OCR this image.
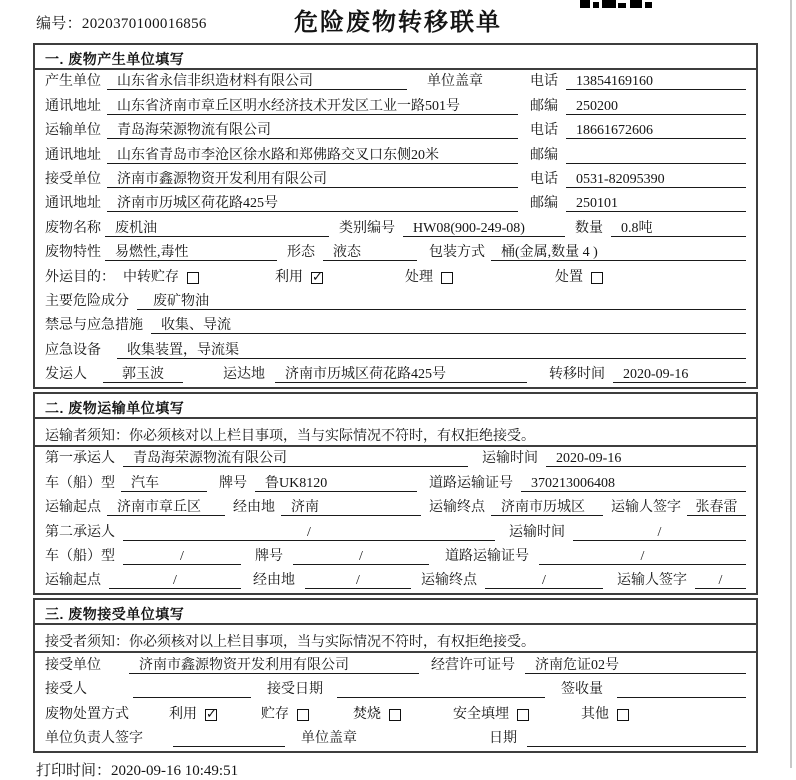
编号：2020370100016856	危险废物转移联单
一. 废物产生单位填写
产生单位	山东省永信非织造材料有限公司	单位盖章	电话	13854169160
通讯地址	山东省济南市章丘区明水经济技术开发区工业一路501号	邮编	250200
运输单位	青岛海荣源物流有限公司	电话	18661672606
通讯地址	山东省青岛市李沧区徐水路和郑佛路交叉口东侧20米	邮编
接受单位	济南市鑫源物资开发利用有限公司	电话	0531-82095390
通讯地址	济南市历城区荷花路425号	邮编	250101
废物名称	废机油	类别编号	HW08(900-249-08)	数量	0.8吨
废物特性	易燃性,毒性	形态	液态	包装方式	桶(金属,数量 4 )
外运目的： 中转贮存	利用 ✓	处理	处置
主要危险成分	废矿物油
禁忌与应急措施	收集、导流
应急设备	收集装置，导流渠
发运人	郭玉波	运达地	济南市历城区荷花路425号	转移时间	2020-09-16
二. 废物运输单位填写
运输者须知：你必须核对以上栏目事项，当与实际情况不符时，有权拒绝接受。
第一承运人	青岛海荣源物流有限公司	运输时间	2020-09-16
车（船）型	汽车	牌号	鲁UK8120	道路运输证号	370213006408
运输起点	济南市章丘区	经由地	济南	运输终点	济南市历城区	运输人签字	张春雷
第二承运人	/	运输时间	/
车（船）型	/	牌号	/	道路运输证号	/
运输起点	/	经由地	/	运输终点	/	运输人签字	/
三. 废物接受单位填写
接受者须知：你必须核对以上栏目事项，当与实际情况不符时，有权拒绝接受。
接受单位	济南市鑫源物资开发利用有限公司	经营许可证号	济南危证02号
接受人	接受日期	签收量
废物处置方式	利用 ✓	贮存	焚烧	安全填埋	其他
单位负责人签字	单位盖章	日期
打印时间：2020-09-16 10:49:51
